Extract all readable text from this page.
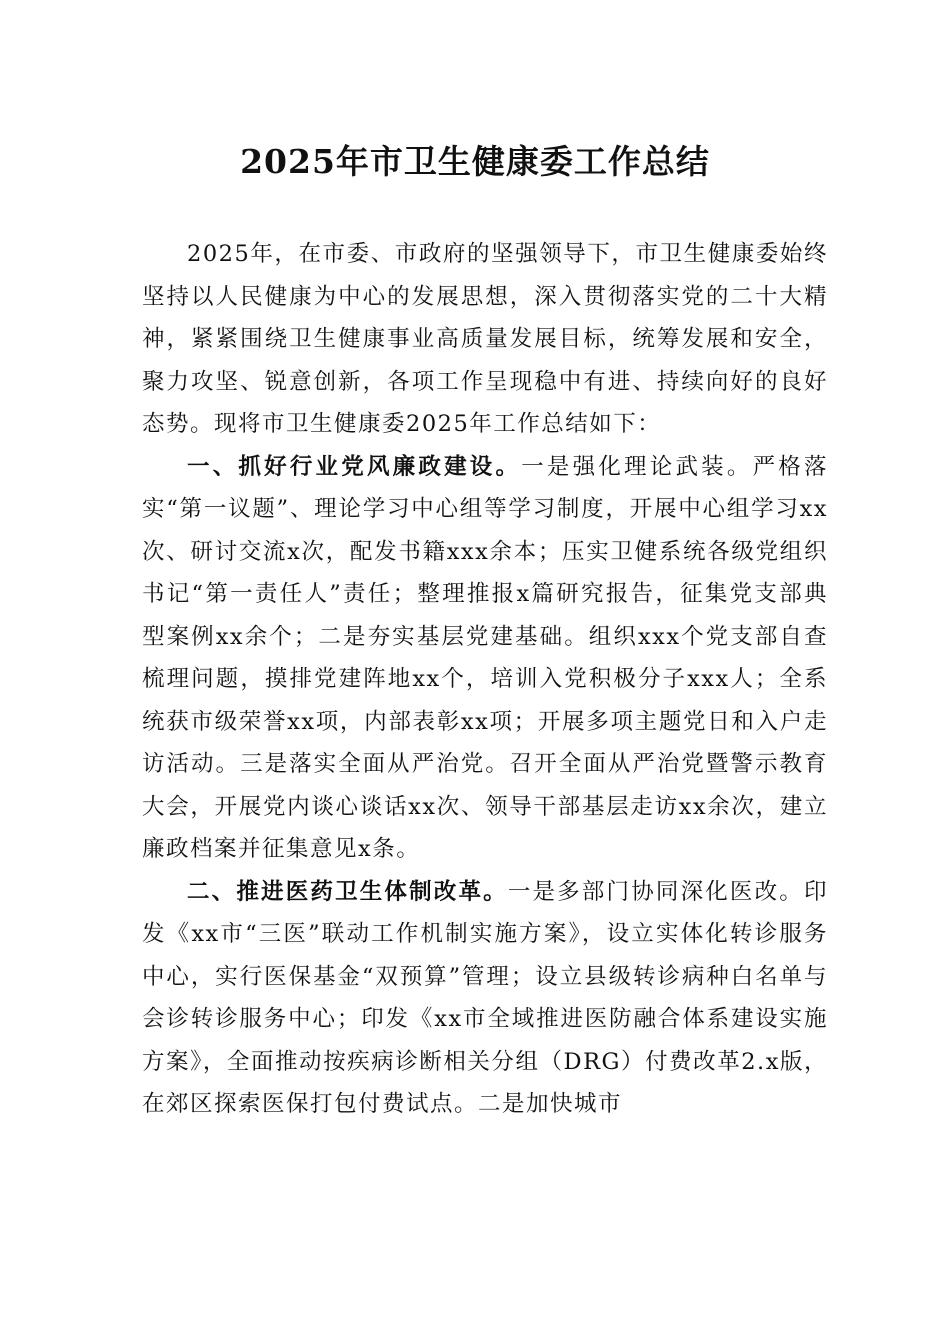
2025年市卫生健康委工作总结

2025年，在市委、市政府的坚强领导下，市卫生健康委始终坚持以人民健康为中心的发展思想，深入贯彻落实党的二十大精神，紧紧围绕卫生健康事业高质量发展目标，统筹发展和安全，聚力攻坚、锐意创新，各项工作呈现稳中有进、持续向好的良好态势。现将市卫生健康委2025年工作总结如下：

一、抓好行业党风廉政建设。一是强化理论武装。严格落实“第一议题”、理论学习中心组等学习制度，开展中心组学习xx次、研讨交流x次，配发书籍xxx余本；压实卫健系统各级党组织书记“第一责任人”责任；整理推报x篇研究报告，征集党支部典型案例xx余个；二是夯实基层党建基础。组织xxx个党支部自查梳理问题，摸排党建阵地xx个，培训入党积极分子xxx人；全系统获市级荣誉xx项，内部表彰xx项；开展多项主题党日和入户走访活动。三是落实全面从严治党。召开全面从严治党暨警示教育大会，开展党内谈心谈话xx次、领导干部基层走访xx余次，建立廉政档案并征集意见x条。

二、推进医药卫生体制改革。一是多部门协同深化医改。印发《xx市“三医”联动工作机制实施方案》，设立实体化转诊服务中心，实行医保基金“双预算”管理；设立县级转诊病种白名单与会诊转诊服务中心；印发《xx市全域推进医防融合体系建设实施方案》，全面推动按疾病诊断相关分组（DRG）付费改革2.x版，在郊区探索医保打包付费试点。二是加快城市
